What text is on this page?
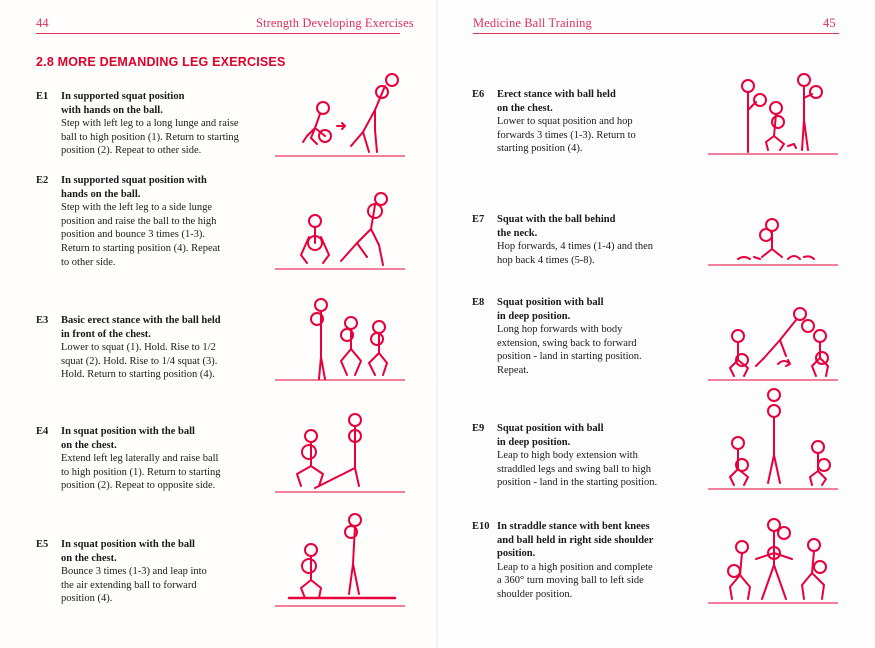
44	Strength Developing Exercises
2.8 MORE DEMANDING LEG EXERCISES
E1 In supported squat position
with hands on the ball.
Step with left leg to a long lunge and raise
ball to high position (1). Return to starting
position (2). Repeat to other side.
E2 In supported squat position with
hands on the ball.
Step with the left leg to a side lunge
position and raise the ball to the high
position and bounce 3 times (1-3).
Return to starting position (4). Repeat
to other side.
E3 Basic erect stance with the ball held
in front of the chest.
Lower to squat (1). Hold. Rise to 1/2
squat (2). Hold. Rise to 1/4 squat (3).
Hold. Return to starting position (4).
E4 In squat position with the ball
on the chest.
Extend left leg laterally and raise ball
to high position (1). Return to starting
position (2). Repeat to opposite side.
E5 In squat position with the ball
on the chest.
Bounce 3 times (1-3) and leap into
the air extending ball to forward
position (4).
Medicine Ball Training	45
E6 Erect stance with ball held
on the chest.
Lower to squat position and hop
forwards 3 times (1-3). Return to
starting position (4).
E7 Squat with the ball behind
the neck.
Hop forwards, 4 times (1-4) and then
hop back 4 times (5-8).
E8 Squat position with ball
in deep position.
Long hop forwards with body
extension, swing back to forward
position - land in starting position.
Repeat.
E9 Squat position with ball
in deep position.
Leap to high body extension with
straddled legs and swing ball to high
position - land in the starting position.
E10 In straddle stance with bent knees
and ball held in right side shoulder
position.
Leap to a high position and complete
a 360° turn moving ball to left side
shoulder position.
